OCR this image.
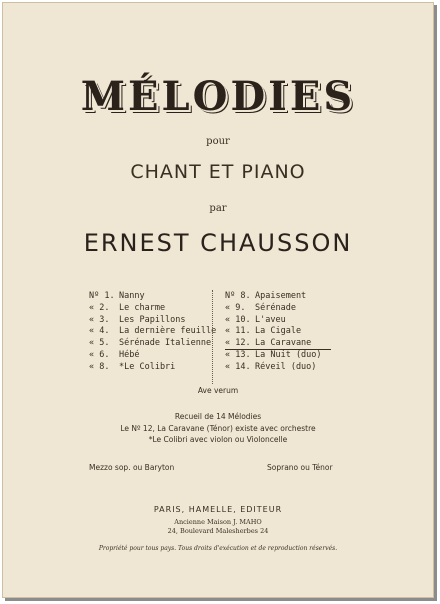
MÉLODIES
pour
CHANT ET PIANO
par
ERNEST CHAUSSON
Nº 1. Nanny
« 2. Le charme
« 3. Les Papillons
« 4. La dernière feuille
« 5. Sérénade Italienne
« 6. Hébé
« 8. *Le Colibri
Nº 8. Apaisement
« 9. Sérénade
« 10. L'aveu
« 11. La Cigale
« 12. La Caravane
« 13. La Nuit (duo)
« 14. Réveil (duo)
Ave verum
Recueil de 14 Mélodies
Le Nº 12, La Caravane (Ténor) existe avec orchestre
*Le Colibri avec violon ou Violoncelle
Mezzo sop. ou Baryton	Soprano ou Ténor
PARIS, HAMELLE, EDITEUR
Ancienne Maison J. MAHO
24, Boulevard Malesherbes 24
Propriété pour tous pays. Tous droits d'exécution et de reproduction réservés.
